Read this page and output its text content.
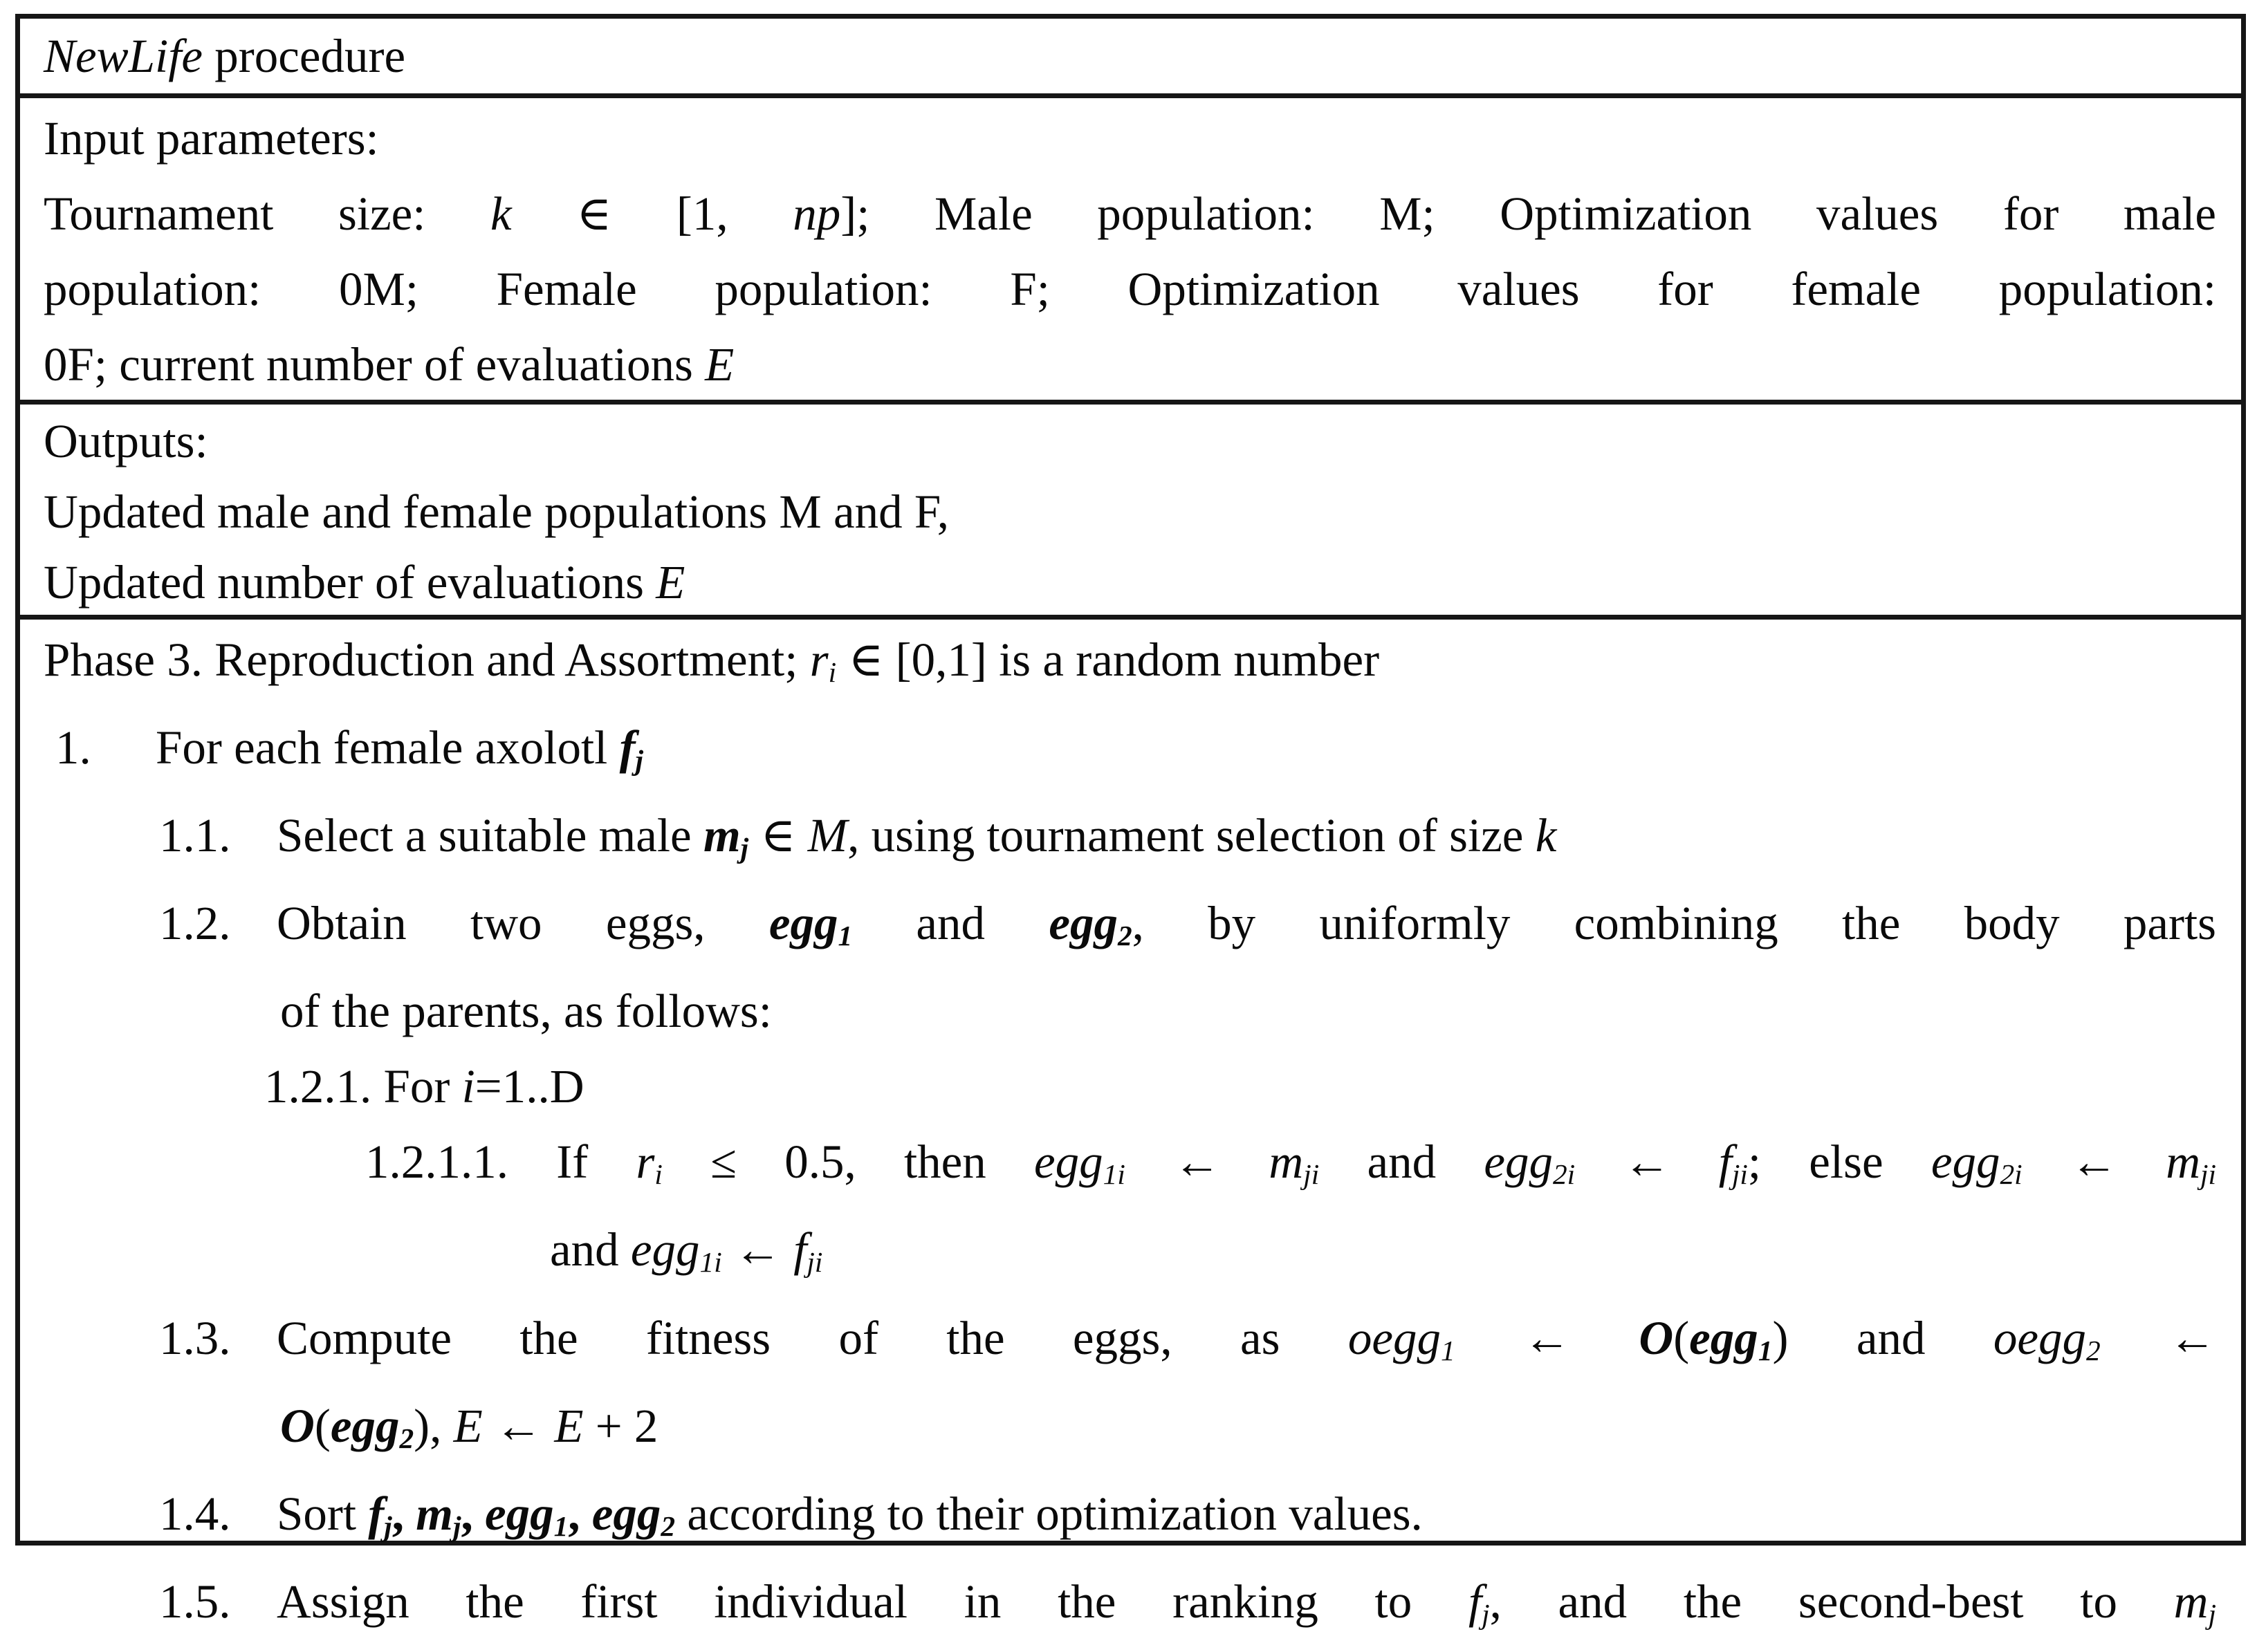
NewLife procedure
Input parameters:
Tournament size: k ∈ [1, np]; Male population: M; Optimization values for male
population: 0M; Female population: F; Optimization values for female population:
0F; current number of evaluations E
Outputs:
Updated male and female populations M and F,
Updated number of evaluations E
Phase 3. Reproduction and Assortment; $r_i$ ∈ [0,1] is a random number
1. For each female axolotl $f_j$
1.1. Select a suitable male $m_j$ ∈ M, using tournament selection of size k
1.2. Obtain two eggs, egg$_1$ and egg$_2$, by uniformly combining the body parts
of the parents, as follows:
1.2.1. For i=1..D
1.2.1.1. If $r_i \le 0.5$, then egg$_{1i}$ ← $m_{ji}$ and egg$_{2i}$ ← $f_{ji}$; else egg$_{2i}$ ← $m_{ji}$
and egg$_{1i}$ ← $f_{ji}$
1.3. Compute the fitness of the eggs, as oegg$_1$ ← O(egg$_1$) and oegg$_2$ ←
O(egg$_2$), E ← E + 2
1.4. Sort $f_j$, $m_j$, egg$_1$, egg$_2$ according to their optimization values.
1.5. Assign the first individual in the ranking to $f_j$, and the second-best to $m_j$
